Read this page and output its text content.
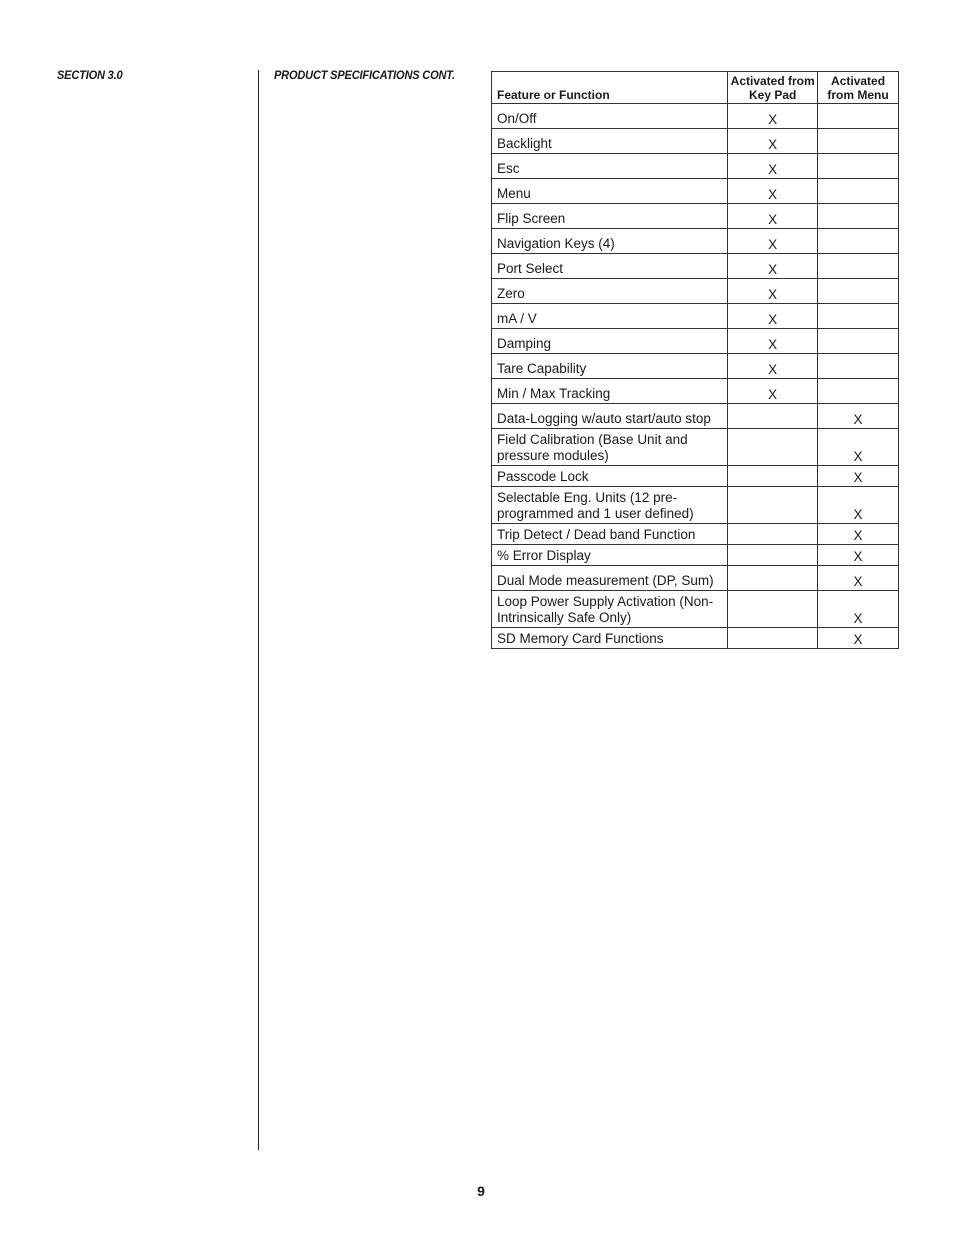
SECTION 3.0	PRODUCT SPECIFICATIONS CONT.
Feature or Function	Activated from Key Pad	Activated from Menu
On/Off	X	
Backlight	X	
Esc	X	
Menu	X	
Flip Screen	X	
Navigation Keys (4)	X	
Port Select	X	
Zero	X	
mA / V	X	
Damping	X	
Tare Capability	X	
Min / Max Tracking	X	
Data-Logging w/auto start/auto stop		X
Field Calibration (Base Unit and pressure modules)		X
Passcode Lock		X
Selectable Eng. Units (12 pre-programmed and 1 user defined)		X
Trip Detect / Dead band Function		X
% Error Display		X
Dual Mode measurement (DP, Sum)		X
Loop Power Supply Activation (Non-Intrinsically Safe Only)		X
SD Memory Card Functions		X
9
